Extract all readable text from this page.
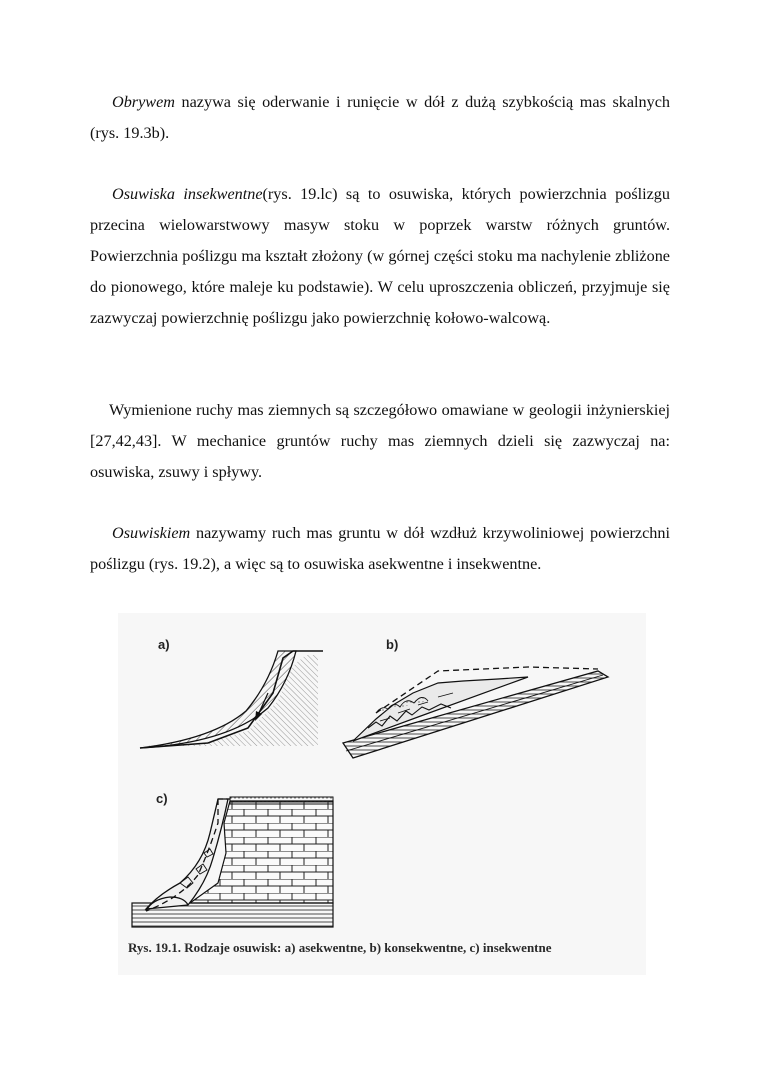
Obrywem nazywa się oderwanie i runięcie w dół z dużą szybkością mas skalnych (rys. 19.3b).

Osuwiska insekwentne(rys. 19.lc) są to osuwiska, których powierzchnia poślizgu przecina wielowarstwowy masyw stoku w poprzek warstw różnych gruntów. Powierzchnia poślizgu ma kształt złożony (w górnej części stoku ma nachylenie zbliżone do pionowego, które maleje ku podstawie). W celu uproszczenia obliczeń, przyjmuje się zazwyczaj powierzchnię poślizgu jako powierzchnię kołowo-walcową.

Wymienione ruchy mas ziemnych są szczegółowo omawiane w geologii inżynierskiej [27,42,43]. W mechanice gruntów ruchy mas ziemnych dzieli się zazwyczaj na: osuwiska, zsuwy i spływy.

Osuwiskiem nazywamy ruch mas gruntu w dół wzdłuż krzywoliniowej powierzchni poślizgu (rys. 19.2), a więc są to osuwiska asekwentne i insekwentne.

a)	b)
c)
Rys. 19.1. Rodzaje osuwisk: a) asekwentne, b) konsekwentne, c) insekwentne
